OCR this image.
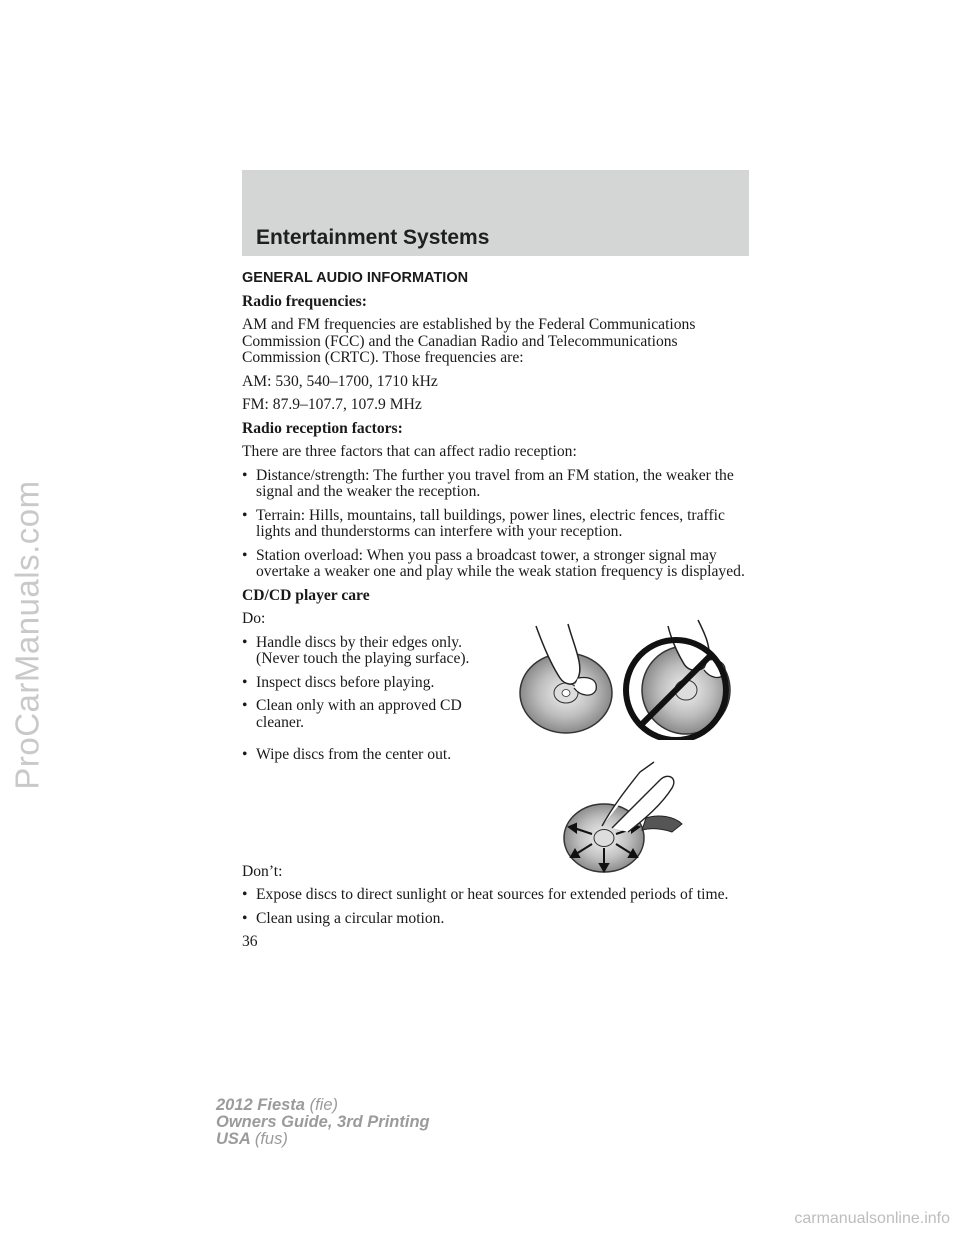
ProCarManuals.com
Entertainment Systems

GENERAL AUDIO INFORMATION

Radio frequencies:

AM and FM frequencies are established by the Federal Communications Commission (FCC) and the Canadian Radio and Telecommunications Commission (CRTC). Those frequencies are:

AM: 530, 540–1700, 1710 kHz

FM: 87.9–107.7, 107.9 MHz

Radio reception factors:

There are three factors that can affect radio reception:

• Distance/strength: The further you travel from an FM station, the weaker the signal and the weaker the reception.
• Terrain: Hills, mountains, tall buildings, power lines, electric fences, traffic lights and thunderstorms can interfere with your reception.
• Station overload: When you pass a broadcast tower, a stronger signal may overtake a weaker one and play while the weak station frequency is displayed.

CD/CD player care

Do:

• Handle discs by their edges only. (Never touch the playing surface).
• Inspect discs before playing.
• Clean only with an approved CD cleaner.
• Wipe discs from the center out.

Don’t:

• Expose discs to direct sunlight or heat sources for extended periods of time.
• Clean using a circular motion.

36

2012 Fiesta (fie)
Owners Guide, 3rd Printing
USA (fus)
carmanualsonline.info
